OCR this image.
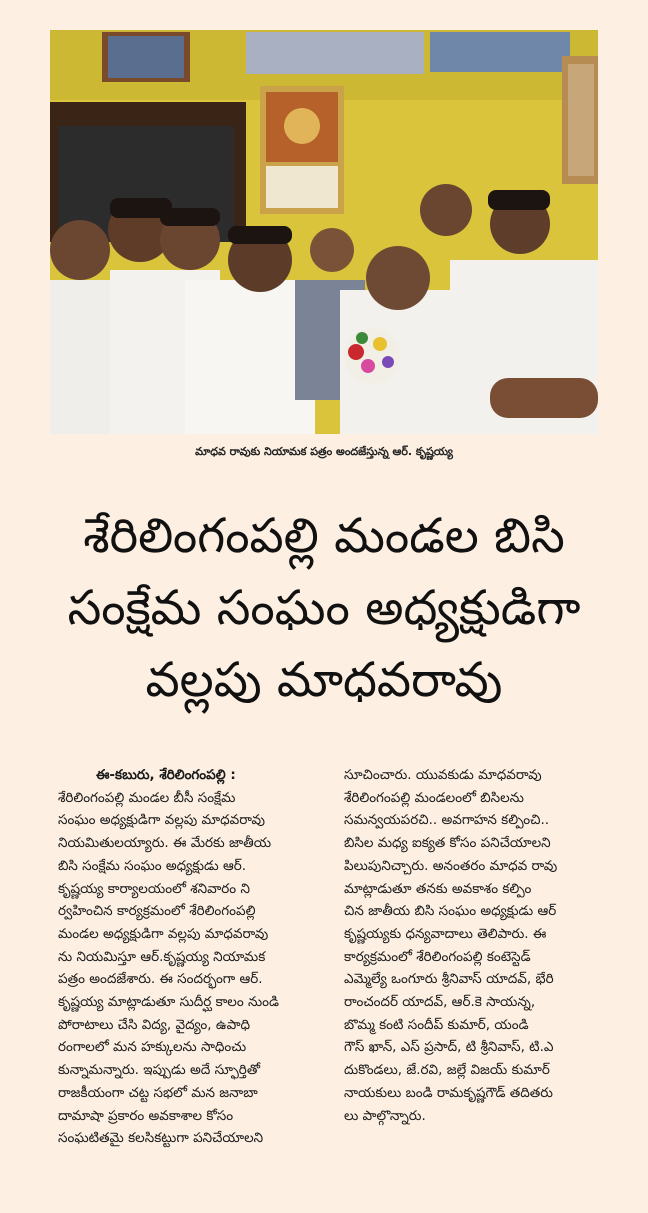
మాధవ రావుకు నియామక పత్రం అందజేస్తున్న ఆర్. కృష్ణయ్య
శేరిలింగంపల్లి మండల బిసి
సంక్షేమ సంఘం అధ్యక్షుడిగా
వల్లపు మాధవరావు
ఈ-కబురు, శేరిలింగంపల్లి :
శేరిలింగంపల్లి మండల బీసీ సంక్షేమ
సంఘం అధ్యక్షుడిగా వల్లపు మాధవరావు
నియమితులయ్యారు. ఈ మేరకు జాతీయ
బిసి సంక్షేమ సంఘం అధ్యక్షుడు ఆర్.
కృష్ణయ్య కార్యాలయంలో శనివారం ని
ర్వహించిన కార్యక్రమంలో శేరిలింగంపల్లి
మండల అధ్యక్షుడిగా వల్లపు మాధవరావు
ను నియమిస్తూ ఆర్.కృష్ణయ్య నియామక
పత్రం అందజేశారు. ఈ సందర్భంగా ఆర్.
కృష్ణయ్య మాట్లాడుతూ సుదీర్ఘ కాలం నుండి
పోరాటాలు చేసి విద్య, వైద్యం, ఉపాధి
రంగాలలో మన హక్కులను సాధించు
కున్నామన్నారు. ఇప్పుడు అదే స్ఫూర్తితో
రాజకీయంగా చట్ట సభలో మన జనాబా
దామాషా ప్రకారం అవకాశాల కోసం
సంఘటితమై కలసికట్టుగా పనిచేయాలని
సూచించారు. యువకుడు మాధవరావు
శేరిలింగంపల్లి మండలంలో బిసిలను
సమన్వయపరచి.. అవగాహన కల్పించి..
బిసిల మధ్య ఐక్యత కోసం పనిచేయాలని
పిలుపునిచ్చారు. అనంతరం మాధవ రావు
మాట్లాడుతూ తనకు అవకాశం కల్పిం
చిన జాతీయ బిసి సంఘం అధ్యక్షుడు ఆర్
కృష్ణయ్యకు ధన్యవాదాలు తెలిపారు. ఈ
కార్యక్రమంలో శేరిలింగంపల్లి కంటెస్టెడ్
ఎమ్మెల్యే ఒంగూరు శ్రీనివాస్ యాదవ్, భేరి
రాంచందర్ యాదవ్, ఆర్.కె సాయన్న,
బొమ్మ కంటి సందీప్ కుమార్, యండి
గౌస్ ఖాన్, ఎస్ ప్రసాద్, టి శ్రీనివాస్, టి.ఎ
దుకొండలు, జే.రవి, జల్లే విజయ్ కుమార్
నాయకులు బండి రామకృష్ణగౌడ్ తదితరు
లు పాల్గొన్నారు.
